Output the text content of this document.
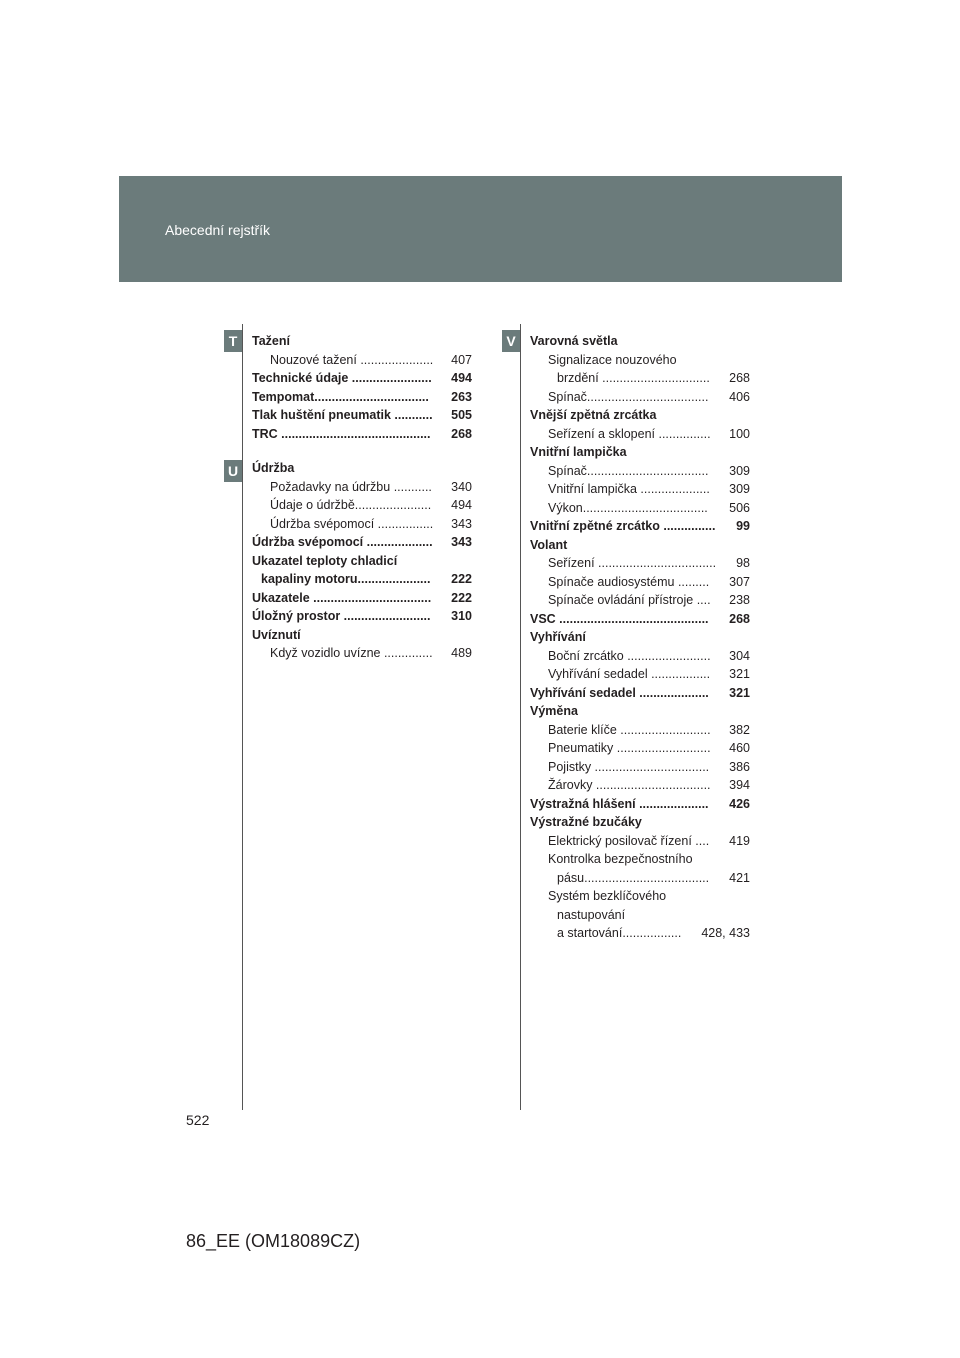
Abecední rejstřík
T
U
V
Tažení
Nouzové tažení ..................... 407
Technické údaje ....................... 494
Tempomat................................. 263
Tlak huštění pneumatik ........... 505
TRC ........................................... 268
Údržba
Požadavky na údržbu ........... 340
Údaje o údržbě...................... 494
Údržba svépomocí ................ 343
Údržba svépomocí ................... 343
Ukazatel teploty chladicí
kapaliny motoru..................... 222
Ukazatele .................................. 222
Úložný prostor ......................... 310
Uvíznutí
Když vozidlo uvízne .............. 489
Varovná světla
Signalizace nouzového
brzdění ............................... 268
Spínač................................... 406
Vnější zpětná zrcátka
Seřízení a sklopení ............... 100
Vnitřní lampička
Spínač................................... 309
Vnitřní lampička .................... 309
Výkon.................................... 506
Vnitřní zpětné zrcátko ............... 99
Volant
Seřízení .................................. 98
Spínače audiosystému ......... 307
Spínače ovládání přístroje .... 238
VSC ........................................... 268
Vyhřívání
Boční zrcátko ........................ 304
Vyhřívání sedadel ................. 321
Vyhřívání sedadel .................... 321
Výměna
Baterie klíče .......................... 382
Pneumatiky ........................... 460
Pojistky ................................. 386
Žárovky ................................. 394
Výstražná hlášení .................... 426
Výstražné bzučáky
Elektrický posilovač řízení .... 419
Kontrolka bezpečnostního
pásu.................................... 421
Systém bezklíčového
nastupování
a startování................. 428, 433
522
86_EE (OM18089CZ)
